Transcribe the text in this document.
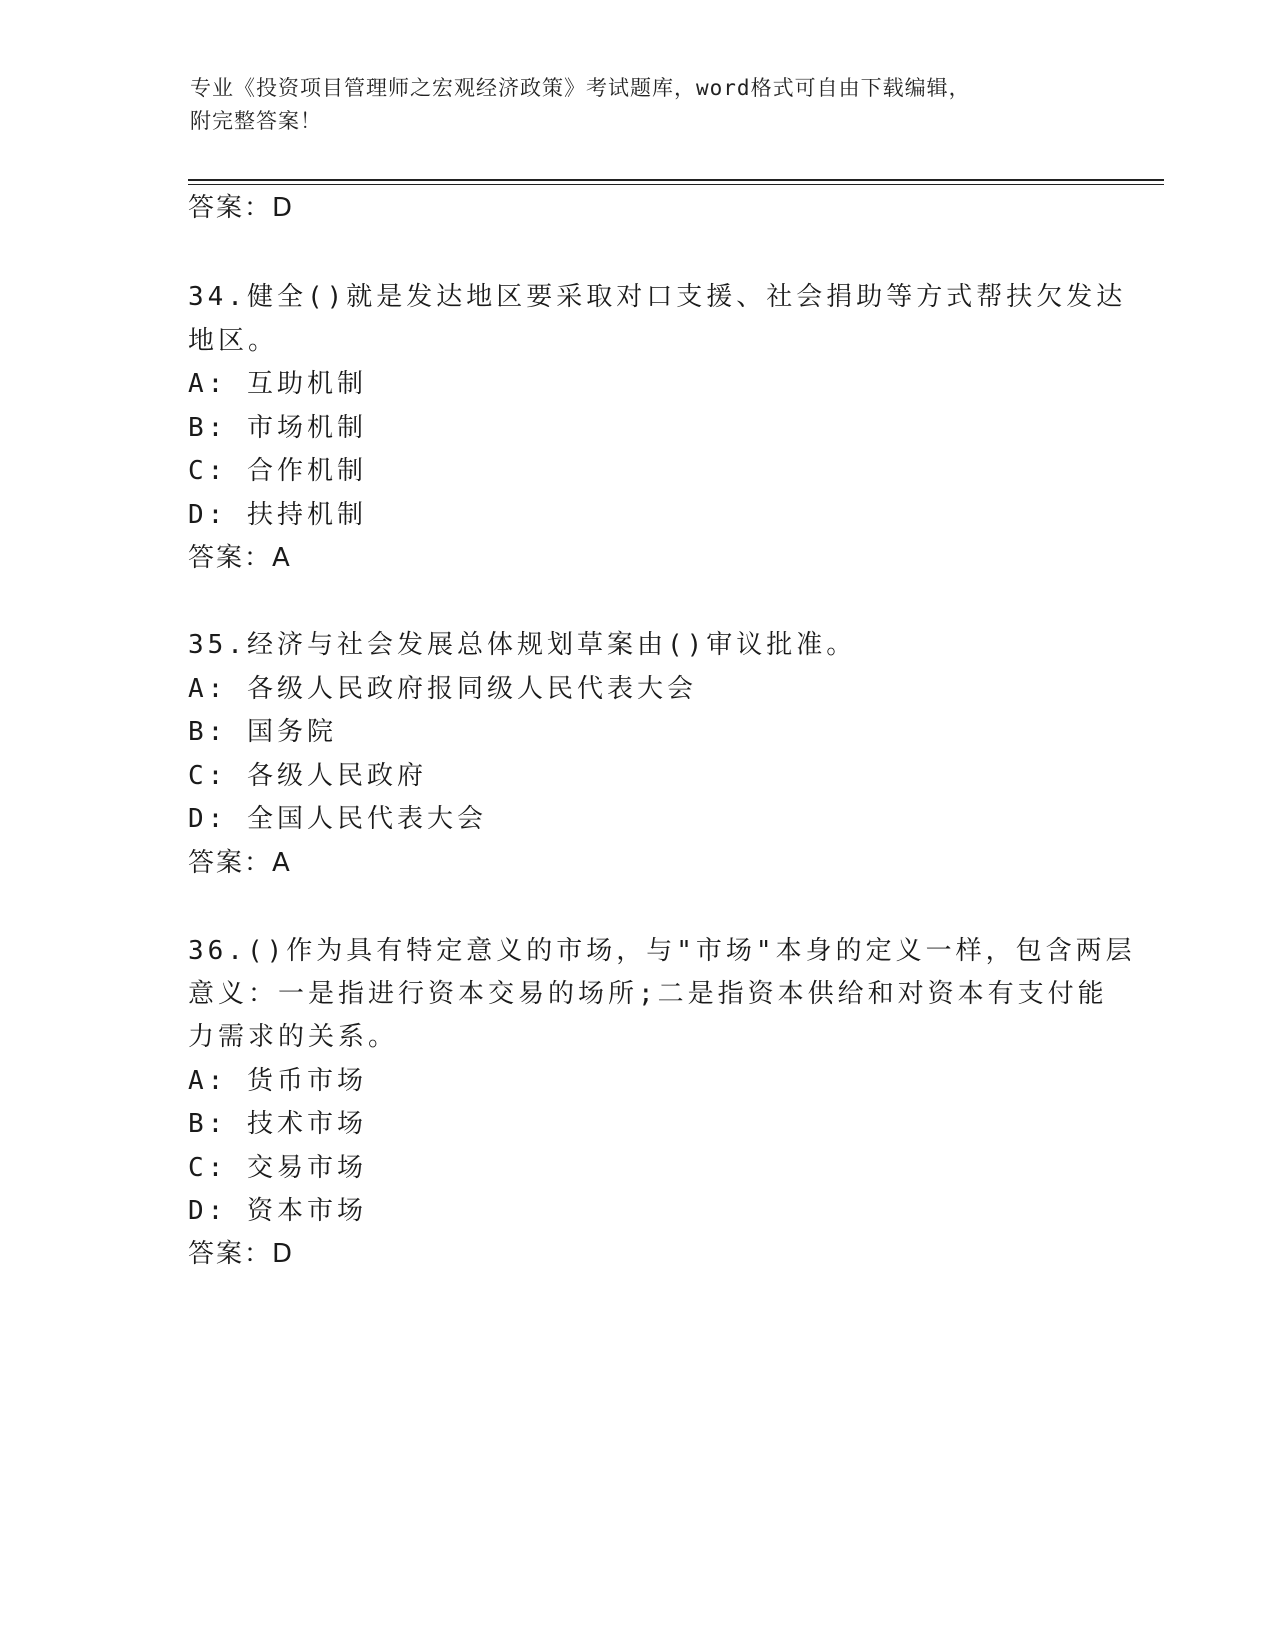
专业《投资项目管理师之宏观经济政策》考试题库，word格式可自由下载编辑，
附完整答案！
答案：D
34.健全()就是发达地区要采取对口支援、社会捐助等方式帮扶欠发达
地区。
A: 互助机制
B: 市场机制
C: 合作机制
D: 扶持机制
答案：A
35.经济与社会发展总体规划草案由()审议批准。
A: 各级人民政府报同级人民代表大会
B: 国务院
C: 各级人民政府
D: 全国人民代表大会
答案：A
36.()作为具有特定意义的市场，与"市场"本身的定义一样，包含两层
意义：一是指进行资本交易的场所;二是指资本供给和对资本有支付能
力需求的关系。
A: 货币市场
B: 技术市场
C: 交易市场
D: 资本市场
答案：D
